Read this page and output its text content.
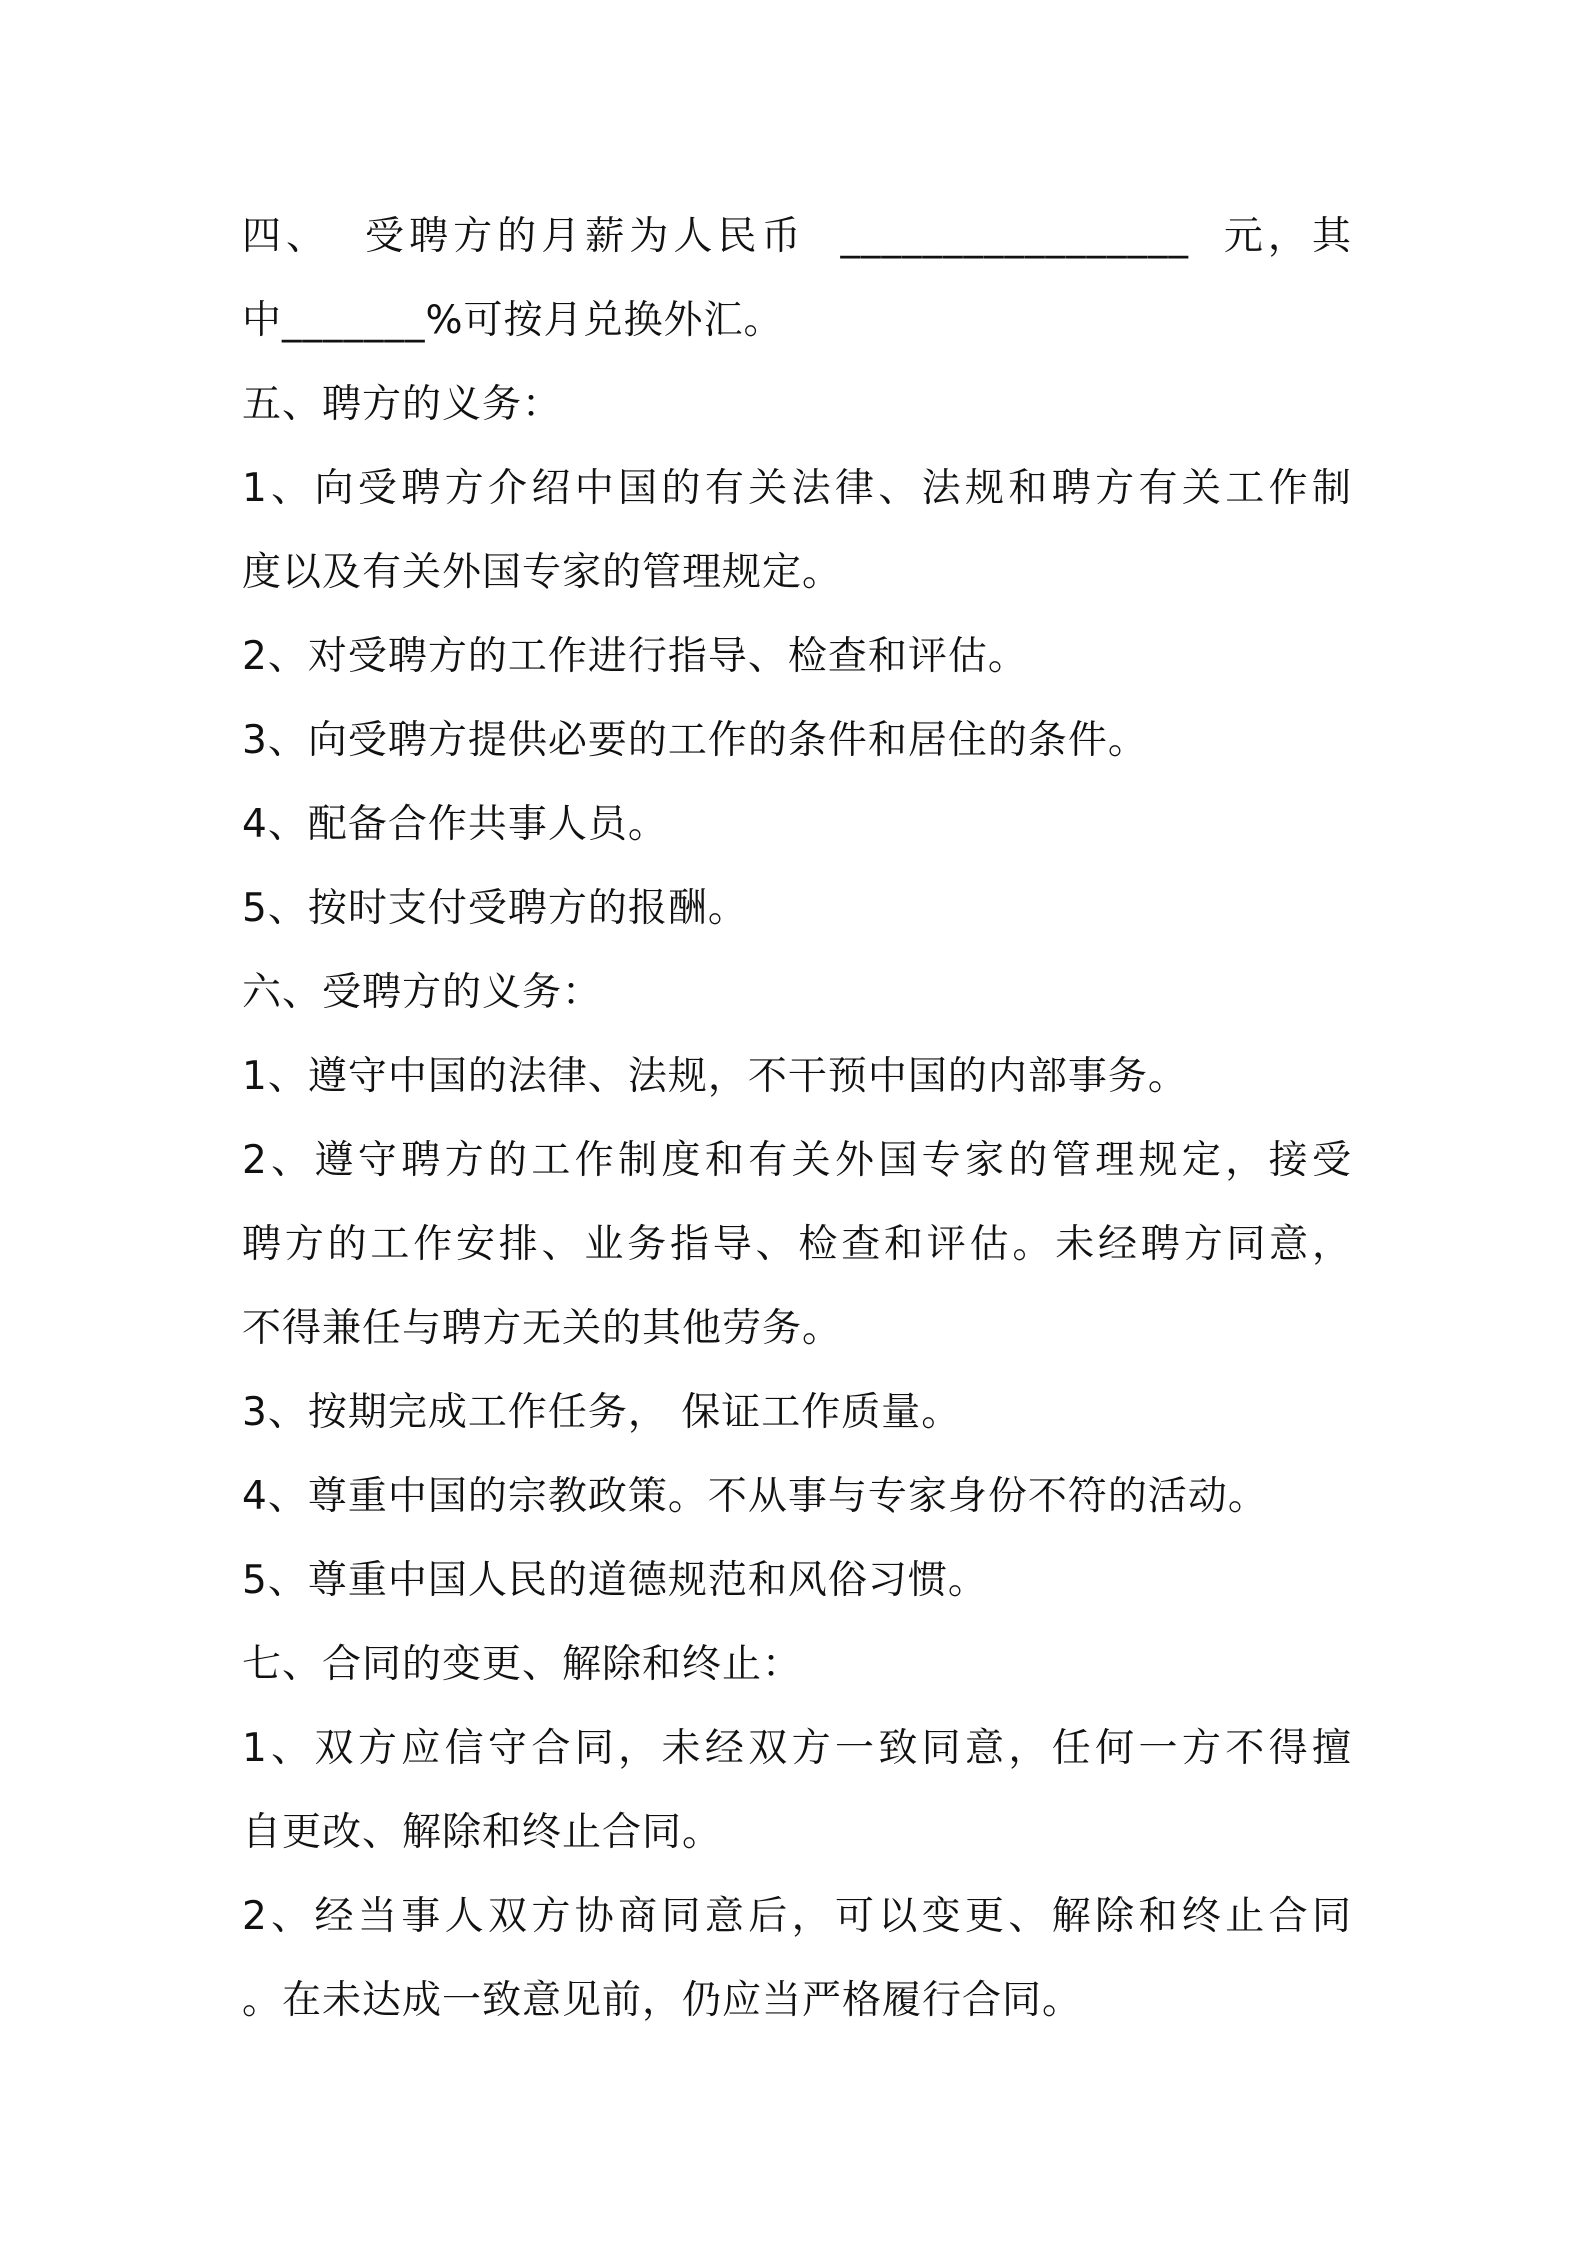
四、  受聘方的月薪为人民币  _________________  元，其

中_______%可按月兑换外汇。

五、聘方的义务：

1、向受聘方介绍中国的有关法律、法规和聘方有关工作制

度以及有关外国专家的管理规定。

2、对受聘方的工作进行指导、检查和评估。

3、向受聘方提供必要的工作的条件和居住的条件。

4、配备合作共事人员。

5、按时支付受聘方的报酬。

六、受聘方的义务：

1、遵守中国的法律、法规，不干预中国的内部事务。

2、遵守聘方的工作制度和有关外国专家的管理规定，接受

聘方的工作安排、业务指导、检查和评估。未经聘方同意，

不得兼任与聘方无关的其他劳务。

3、按期完成工作任务， 保证工作质量。

4、尊重中国的宗教政策。不从事与专家身份不符的活动。

5、尊重中国人民的道德规范和风俗习惯。

七、合同的变更、解除和终止：

1、双方应信守合同，未经双方一致同意，任何一方不得擅

自更改、解除和终止合同。

2、经当事人双方协商同意后，可以变更、解除和终止合同

。在未达成一致意见前，仍应当严格履行合同。
